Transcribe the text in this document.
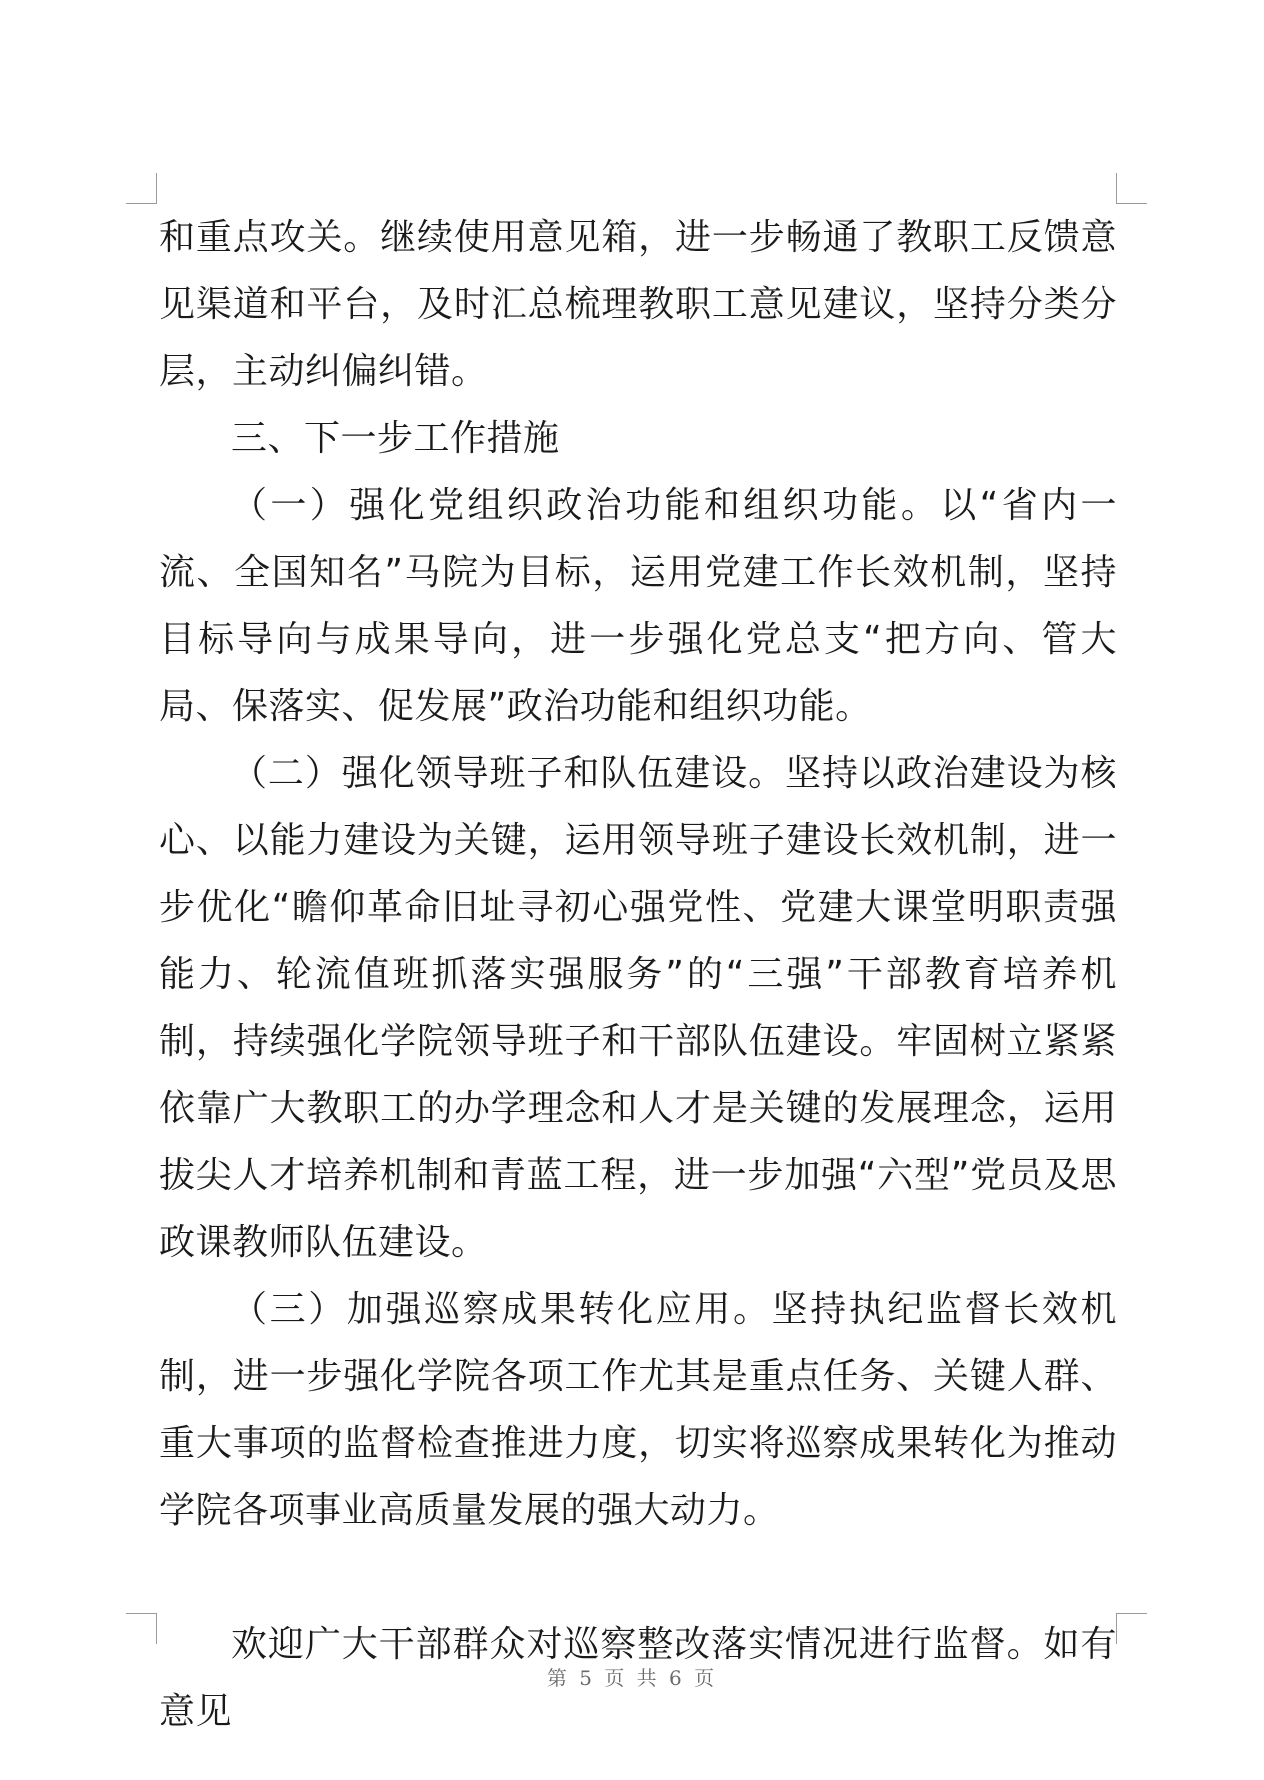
和重点攻关。继续使用意见箱，进一步畅通了教职工反馈意见渠道和平台，及时汇总梳理教职工意见建议，坚持分类分层，主动纠偏纠错。

三、下一步工作措施

（一）强化党组织政治功能和组织功能。以“省内一流、全国知名”马院为目标，运用党建工作长效机制，坚持目标导向与成果导向，进一步强化党总支“把方向、管大局、保落实、促发展”政治功能和组织功能。

（二）强化领导班子和队伍建设。坚持以政治建设为核心、以能力建设为关键，运用领导班子建设长效机制，进一步优化“瞻仰革命旧址寻初心强党性、党建大课堂明职责强能力、轮流值班抓落实强服务”的“三强”干部教育培养机制，持续强化学院领导班子和干部队伍建设。牢固树立紧紧依靠广大教职工的办学理念和人才是关键的发展理念，运用拔尖人才培养机制和青蓝工程，进一步加强“六型”党员及思政课教师队伍建设。

（三）加强巡察成果转化应用。坚持执纪监督长效机制，进一步强化学院各项工作尤其是重点任务、关键人群、重大事项的监督检查推进力度，切实将巡察成果转化为推动学院各项事业高质量发展的强大动力。

欢迎广大干部群众对巡察整改落实情况进行监督。如有意见

第 5 页 共 6 页
